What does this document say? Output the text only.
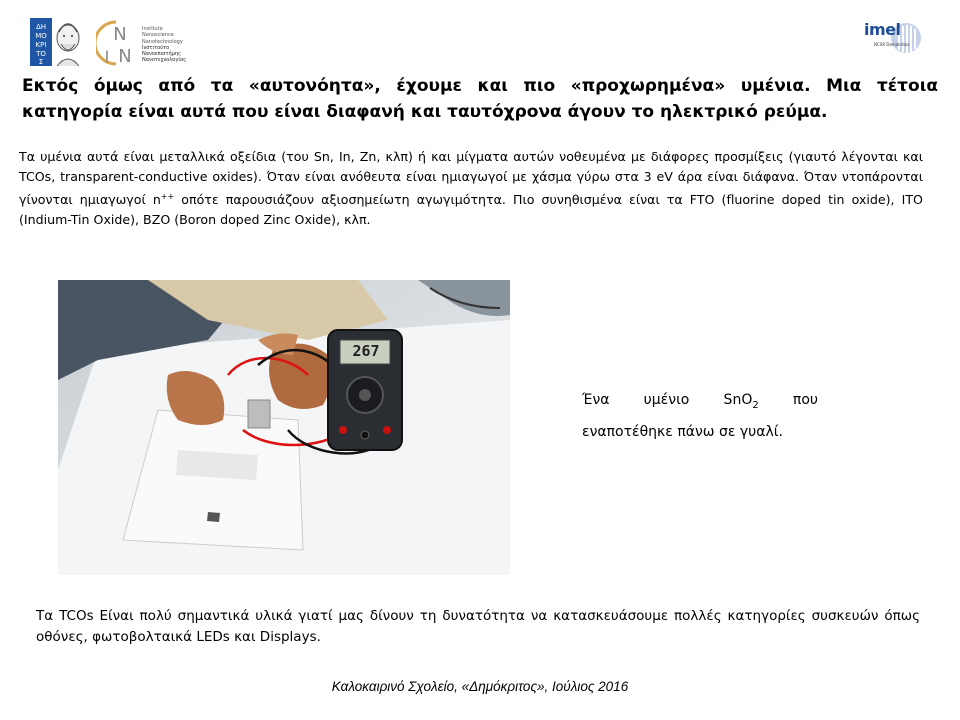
ΔΗ
ΜΟ
ΚΡΙ
ΤΟ
Σ
N
I N
Institute
Nanoscience
Nanotechnology
Ινστιτούτο
Νανοεπιστήμης
Νανοτεχνολογίας
imel
NCSR Demokritos

Εκτός όμως από τα «αυτονόητα», έχουμε και πιο «προχωρημένα» υμένια. Μια τέτοια κατηγορία είναι αυτά που είναι διαφανή και ταυτόχρονα άγουν το ηλεκτρικό ρεύμα.

Τα υμένια αυτά είναι μεταλλικά οξείδια (του Sn, In, Zn, κλπ) ή και μίγματα αυτών νοθευμένα με διάφορες προσμίξεις (γιαυτό λέγονται και TCOs, transparent-conductive oxides). Όταν είναι ανόθευτα είναι ημιαγωγοί με χάσμα γύρω στα 3 eV άρα είναι διάφανα. Όταν ντοπάρονται γίνονται ημιαγωγοί n++ οπότε παρουσιάζουν αξιοσημείωτη αγωγιμότητα. Πιο συνηθισμένα είναι τα FTO (fluorine doped tin oxide), ITO (Indium-Tin Oxide), BZO (Boron doped Zinc Oxide), κλπ.

267

Ένα υμένιο SnO$_2$ που εναποτέθηκε πάνω σε γυαλί.

Τα TCOs Είναι πολύ σημαντικά υλικά γιατί μας δίνουν τη δυνατότητα να κατασκευάσουμε πολλές κατηγορίες συσκευών όπως οθόνες, φωτοβολταικά LEDs και Displays.

Καλοκαιρινό Σχολείο, «Δημόκριτος», Ιούλιος 2016
